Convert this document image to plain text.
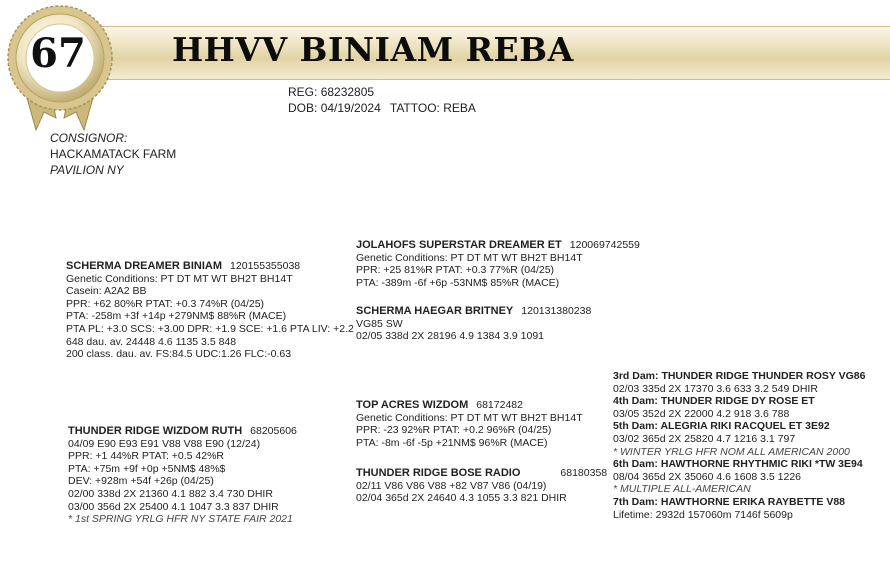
67	HHVV BINIAM REBA
REG: 68232805
DOB: 04/19/2024 TATTOO: REBA
CONSIGNOR:
HACKAMATACK FARM
PAVILION NY
SCHERMA DREAMER BINIAM 120155355038
Genetic Conditions: PT DT MT WT BH2T BH14T
Casein: A2A2 BB
PPR: +62 80%R PTAT: +0.3 74%R (04/25)
PTA: -258m +3f +14p +279NM$ 88%R (MACE)
PTA PL: +3.0 SCS: +3.00 DPR: +1.9 SCE: +1.6 PTA LIV: +2.2
648 dau. av. 24448 4.6 1135 3.5 848
200 class. dau. av. FS:84.5 UDC:1.26 FLC:-0.63
JOLAHOFS SUPERSTAR DREAMER ET 120069742559
Genetic Conditions: PT DT MT WT BH2T BH14T
PPR: +25 81%R PTAT: +0.3 77%R (04/25)
PTA: -389m -6f +6p -53NM$ 85%R (MACE)
SCHERMA HAEGAR BRITNEY 120131380238
VG85 SW
02/05 338d 2X 28196 4.9 1384 3.9 1091
THUNDER RIDGE WIZDOM RUTH 68205606
04/09 E90 E93 E91 V88 V88 E90 (12/24)
PPR: +1 44%R PTAT: +0.5 42%R
PTA: +75m +9f +0p +5NM$ 48%$
DEV: +928m +54f +26p (04/25)
02/00 338d 2X 21360 4.1 882 3.4 730 DHIR
03/00 356d 2X 25400 4.1 1047 3.3 837 DHIR
* 1st SPRING YRLG HFR NY STATE FAIR 2021
TOP ACRES WIZDOM 68172482
Genetic Conditions: PT DT MT WT BH2T BH14T
PPR: -23 92%R PTAT: +0.2 96%R (04/25)
PTA: -8m -6f -5p +21NM$ 96%R (MACE)
THUNDER RIDGE BOSE RADIO	68180358
02/11 V86 V86 V88 +82 V87 V86 (04/19)
02/04 365d 2X 24640 4.3 1055 3.3 821 DHIR
3rd Dam: THUNDER RIDGE THUNDER ROSY VG86
02/03 335d 2X 17370 3.6 633 3.2 549 DHIR
4th Dam: THUNDER RIDGE DY ROSE ET
03/05 352d 2X 22000 4.2 918 3.6 788
5th Dam: ALEGRIA RIKI RACQUEL ET 3E92
03/02 365d 2X 25820 4.7 1216 3.1 797
* WINTER YRLG HFR NOM ALL AMERICAN 2000
6th Dam: HAWTHORNE RHYTHMIC RIKI *TW 3E94
08/04 365d 2X 35060 4.6 1608 3.5 1226
* MULTIPLE ALL-AMERICAN
7th Dam: HAWTHORNE ERIKA RAYBETTE V88
Lifetime: 2932d 157060m 7146f 5609p
